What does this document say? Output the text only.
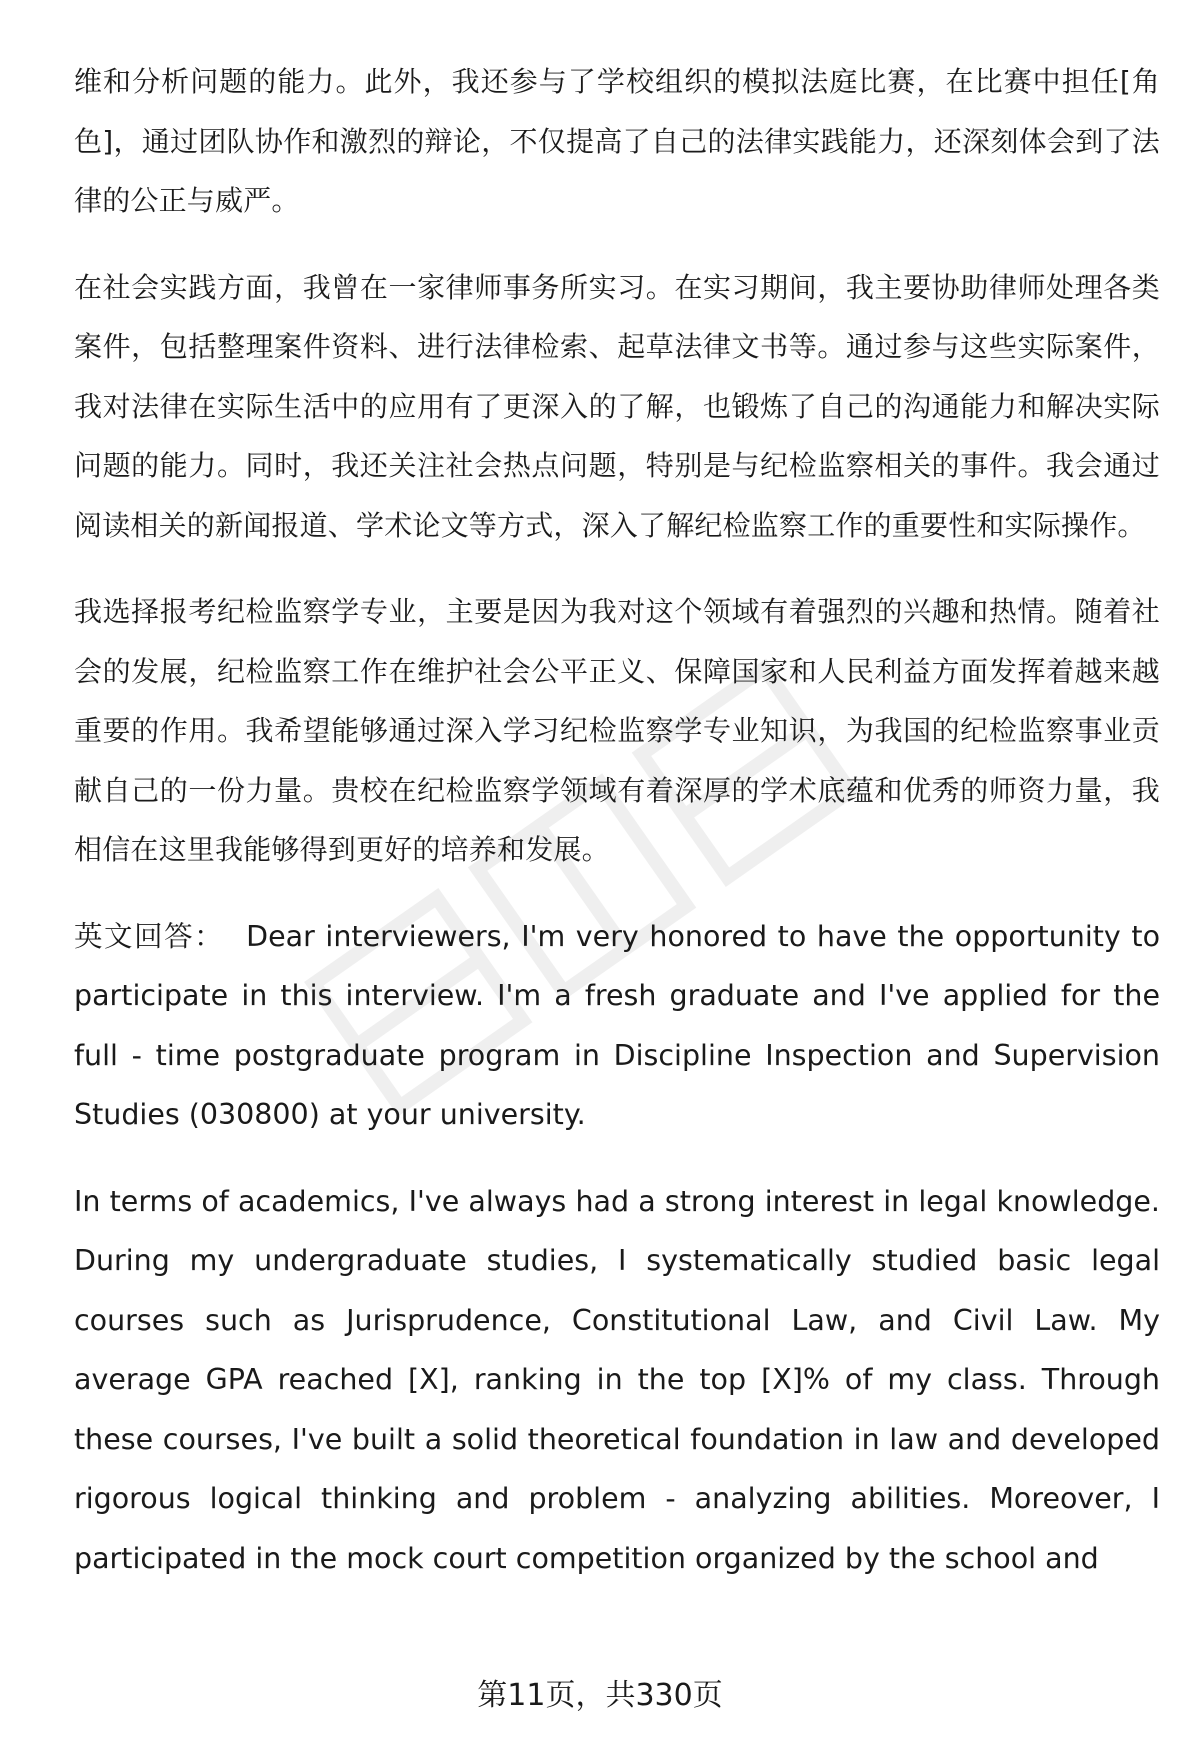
维和分析问题的能力。此外，我还参与了学校组织的模拟法庭比赛，在比赛中担任[角色]，通过团队协作和激烈的辩论，不仅提高了自己的法律实践能力，还深刻体会到了法律的公正与威严。

在社会实践方面，我曾在一家律师事务所实习。在实习期间，我主要协助律师处理各类案件，包括整理案件资料、进行法律检索、起草法律文书等。通过参与这些实际案件，我对法律在实际生活中的应用有了更深入的了解，也锻炼了自己的沟通能力和解决实际问题的能力。同时，我还关注社会热点问题，特别是与纪检监察相关的事件。我会通过阅读相关的新闻报道、学术论文等方式，深入了解纪检监察工作的重要性和实际操作。

我选择报考纪检监察学专业，主要是因为我对这个领域有着强烈的兴趣和热情。随着社会的发展，纪检监察工作在维护社会公平正义、保障国家和人民利益方面发挥着越来越重要的作用。我希望能够通过深入学习纪检监察学专业知识，为我国的纪检监察事业贡献自己的一份力量。贵校在纪检监察学领域有着深厚的学术底蕴和优秀的师资力量，我相信在这里我能够得到更好的培养和发展。

英文回答： Dear interviewers, I'm very honored to have the opportunity to participate in this interview. I'm a fresh graduate and I've applied for the full - time postgraduate program in Discipline Inspection and Supervision Studies (030800) at your university.

In terms of academics, I've always had a strong interest in legal knowledge. During my undergraduate studies, I systematically studied basic legal courses such as Jurisprudence, Constitutional Law, and Civil Law. My average GPA reached [X], ranking in the top [X]% of my class. Through these courses, I've built a solid theoretical foundation in law and developed rigorous logical thinking and problem - analyzing abilities. Moreover, I participated in the mock court competition organized by the school and

第11页，共330页
